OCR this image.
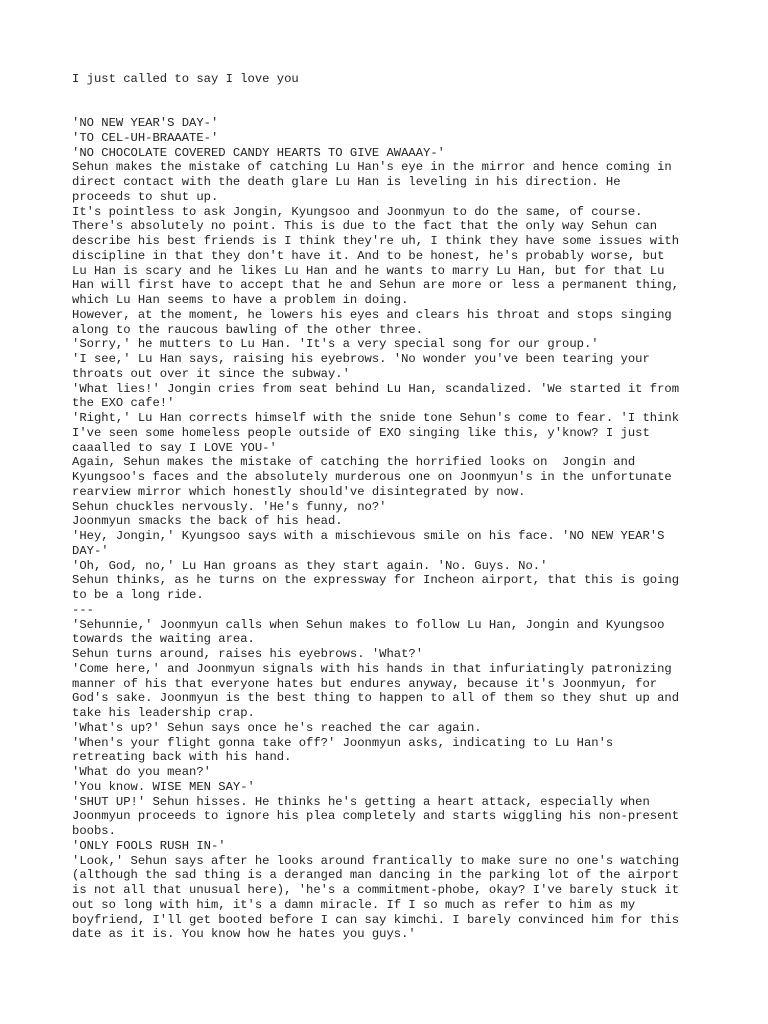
I just called to say I love you
'NO NEW YEAR'S DAY-'
'TO CEL-UH-BRAAATE-'
'NO CHOCOLATE COVERED CANDY HEARTS TO GIVE AWAAAY-'
Sehun makes the mistake of catching Lu Han's eye in the mirror and hence coming in
direct contact with the death glare Lu Han is leveling in his direction. He
proceeds to shut up.
It's pointless to ask Jongin, Kyungsoo and Joonmyun to do the same, of course.
There's absolutely no point. This is due to the fact that the only way Sehun can
describe his best friends is I think they're uh, I think they have some issues with
discipline in that they don't have it. And to be honest, he's probably worse, but
Lu Han is scary and he likes Lu Han and he wants to marry Lu Han, but for that Lu
Han will first have to accept that he and Sehun are more or less a permanent thing,
which Lu Han seems to have a problem in doing.
However, at the moment, he lowers his eyes and clears his throat and stops singing
along to the raucous bawling of the other three.
'Sorry,' he mutters to Lu Han. 'It's a very special song for our group.'
'I see,' Lu Han says, raising his eyebrows. 'No wonder you've been tearing your
throats out over it since the subway.'
'What lies!' Jongin cries from seat behind Lu Han, scandalized. 'We started it from
the EXO cafe!'
'Right,' Lu Han corrects himself with the snide tone Sehun's come to fear. 'I think
I've seen some homeless people outside of EXO singing like this, y'know? I just
caaalled to say I LOVE YOU-'
Again, Sehun makes the mistake of catching the horrified looks on  Jongin and
Kyungsoo's faces and the absolutely murderous one on Joonmyun's in the unfortunate
rearview mirror which honestly should've disintegrated by now.
Sehun chuckles nervously. 'He's funny, no?'
Joonmyun smacks the back of his head.
'Hey, Jongin,' Kyungsoo says with a mischievous smile on his face. 'NO NEW YEAR'S
DAY-'
'Oh, God, no,' Lu Han groans as they start again. 'No. Guys. No.'
Sehun thinks, as he turns on the expressway for Incheon airport, that this is going
to be a long ride.
---
'Sehunnie,' Joonmyun calls when Sehun makes to follow Lu Han, Jongin and Kyungsoo
towards the waiting area.
Sehun turns around, raises his eyebrows. 'What?'
'Come here,' and Joonmyun signals with his hands in that infuriatingly patronizing
manner of his that everyone hates but endures anyway, because it's Joonmyun, for
God's sake. Joonmyun is the best thing to happen to all of them so they shut up and
take his leadership crap.
'What's up?' Sehun says once he's reached the car again.
'When's your flight gonna take off?' Joonmyun asks, indicating to Lu Han's
retreating back with his hand.
'What do you mean?'
'You know. WISE MEN SAY-'
'SHUT UP!' Sehun hisses. He thinks he's getting a heart attack, especially when
Joonmyun proceeds to ignore his plea completely and starts wiggling his non-present
boobs.
'ONLY FOOLS RUSH IN-'
'Look,' Sehun says after he looks around frantically to make sure no one's watching
(although the sad thing is a deranged man dancing in the parking lot of the airport
is not all that unusual here), 'he's a commitment-phobe, okay? I've barely stuck it
out so long with him, it's a damn miracle. If I so much as refer to him as my
boyfriend, I'll get booted before I can say kimchi. I barely convinced him for this
date as it is. You know how he hates you guys.'
